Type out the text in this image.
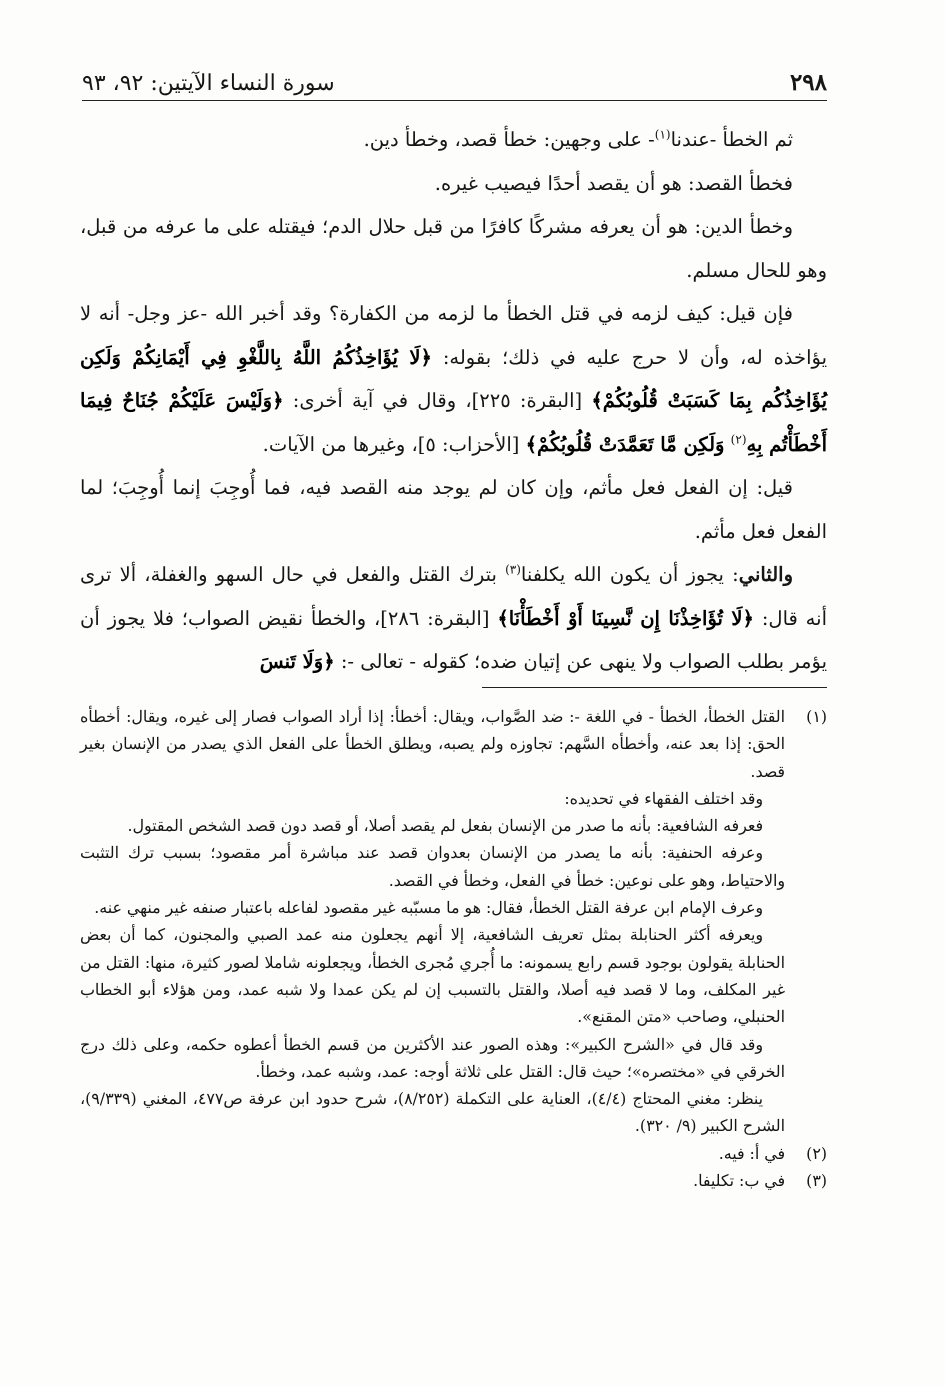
٢٩٨
سورة النساء الآيتين: ٩٢، ٩٣

ثم الخطأ -عندنا$^{(١)}$- على وجهين: خطأ قصد، وخطأ دين.

فخطأ القصد: هو أن يقصد أحدًا فيصيب غيره.

وخطأ الدين: هو أن يعرفه مشركًا كافرًا من قبل حلال الدم؛ فيقتله على ما عرفه من قبل، وهو للحال مسلم.

فإن قيل: كيف لزمه في قتل الخطأ ما لزمه من الكفارة؟ وقد أخبر الله -عز وجل- أنه لا يؤاخذه له، وأن لا حرج عليه في ذلك؛ بقوله: ﴿لَا يُؤَاخِذُكُمُ اللَّهُ بِاللَّغْوِ فِي أَيْمَانِكُمْ وَلَكِن يُؤَاخِذُكُم بِمَا كَسَبَتْ قُلُوبُكُمْ﴾ [البقرة: ٢٢٥]، وقال في آية أخرى: ﴿وَلَيْسَ عَلَيْكُمْ جُنَاحٌ فِيمَا أَخْطَأْتُم بِهِ$^{(٢)}$ وَلَكِن مَّا تَعَمَّدَتْ قُلُوبُكُمْ﴾ [الأحزاب: ٥]، وغيرها من الآيات.

قيل: إن الفعل فعل مأثم، وإن كان لم يوجد منه القصد فيه، فما أُوجِبَ إنما أُوجِبَ؛ لما الفعل فعل مأثم.

والثاني: يجوز أن يكون الله يكلفنا$^{(٣)}$ بترك القتل والفعل في حال السهو والغفلة، ألا ترى أنه قال: ﴿لَا تُؤَاخِذْنَا إِن نَّسِينَا أَوْ أَخْطَأْنَا﴾ [البقرة: ٢٨٦]، والخطأ نقيض الصواب؛ فلا يجوز أن يؤمر بطلب الصواب ولا ينهى عن إتيان ضده؛ كقوله - تعالى -: ﴿وَلَا تَنسَ

(١)

القتل الخطأ، الخطأ - في اللغة -: ضد الصَّواب، ويقال: أخطأ: إذا أراد الصواب فصار إلى غيره، ويقال: أخطأه الحق: إذا بعد عنه، وأخطأه السَّهم: تجاوزه ولم يصبه، ويطلق الخطأ على الفعل الذي يصدر من الإنسان بغير قصد.

وقد اختلف الفقهاء في تحديده:

فعرفه الشافعية: بأنه ما صدر من الإنسان بفعل لم يقصد أصلا، أو قصد دون قصد الشخص المقتول.

وعرفه الحنفية: بأنه ما يصدر من الإنسان بعدوان قصد عند مباشرة أمر مقصود؛ بسبب ترك التثبت والاحتياط، وهو على نوعين: خطأ في الفعل، وخطأ في القصد.

وعرف الإمام ابن عرفة القتل الخطأ، فقال: هو ما مسبّبه غير مقصود لفاعله باعتبار صنفه غير منهي عنه.

ويعرفه أكثر الحنابلة بمثل تعريف الشافعية، إلا أنهم يجعلون منه عمد الصبي والمجنون، كما أن بعض الحنابلة يقولون بوجود قسم رابع يسمونه: ما أُجري مُجرى الخطأ، ويجعلونه شاملا لصور كثيرة، منها: القتل من غير المكلف، وما لا قصد فيه أصلا، والقتل بالتسبب إن لم يكن عمدا ولا شبه عمد، ومن هؤلاء أبو الخطاب الحنبلي، وصاحب «متن المقنع».

وقد قال في «الشرح الكبير»: وهذه الصور عند الأكثرين من قسم الخطأ أعطوه حكمه، وعلى ذلك درج الخرقي في «مختصره»؛ حيث قال: القتل على ثلاثة أوجه: عمد، وشبه عمد، وخطأ.

ينظر: مغني المحتاج (٤/٤)، العناية على التكملة (٨/٢٥٢)، شرح حدود ابن عرفة ص٤٧٧، المغني (٩/٣٣٩)، الشرح الكبير (٩/ ٣٢٠).

(٢)
في أ: فيه.
(٣)
في ب: تكليفا.
